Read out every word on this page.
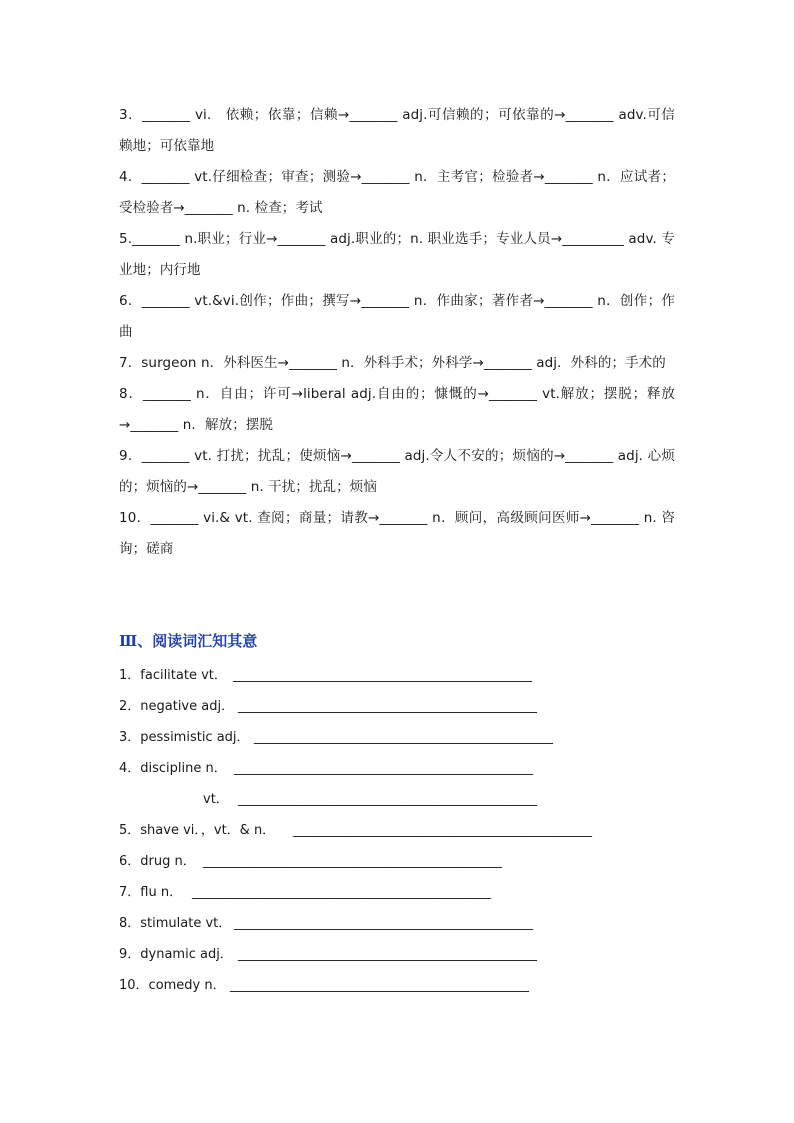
3．_______ vi.　依赖；依靠；信赖→_______ adj.可信赖的；可依靠的→_______ adv.可信赖地；可依靠地
4．_______ vt.仔细检查；审查；测验→_______ n．主考官；检验者→_______ n．应试者；受检验者→_______ n. 检查；考试
5._______ n.职业；行业→_______ adj.职业的；n. 职业选手；专业人员→_________ adv. 专业地；内行地
6．_______ vt.&vi.创作；作曲；撰写→_______ n．作曲家；著作者→_______ n．创作；作曲
7．surgeon n．外科医生→_______ n．外科手术；外科学→_______ adj．外科的；手术的
8．_______ n．自由；许可→liberal adj.自由的；慷慨的→_______ vt.解放；摆脱；释放→_______ n．解放；摆脱
9．_______ vt. 打扰；扰乱；使烦恼→_______ adj.令人不安的；烦恼的→_______ adj. 心烦的；烦恼的→_______ n. 干扰；扰乱；烦恼
10．_______ vi.& vt. 查阅；商量；请教→_______ n．顾问，高级顾问医师→_______ n. 咨询；磋商
Ⅲ、阅读词汇知其意
1．facilitate vt． ______________________________________________
2．negative adj． ______________________________________________
3．pessimistic adj． ______________________________________________
4．discipline n． ______________________________________________
vt． ______________________________________________
5．shave vi．，vt．& n． ______________________________________________
6．drug n． ______________________________________________
7．flu n． ______________________________________________
8．stimulate vt． ______________________________________________
9．dynamic adj． ______________________________________________
10．comedy n． ______________________________________________
